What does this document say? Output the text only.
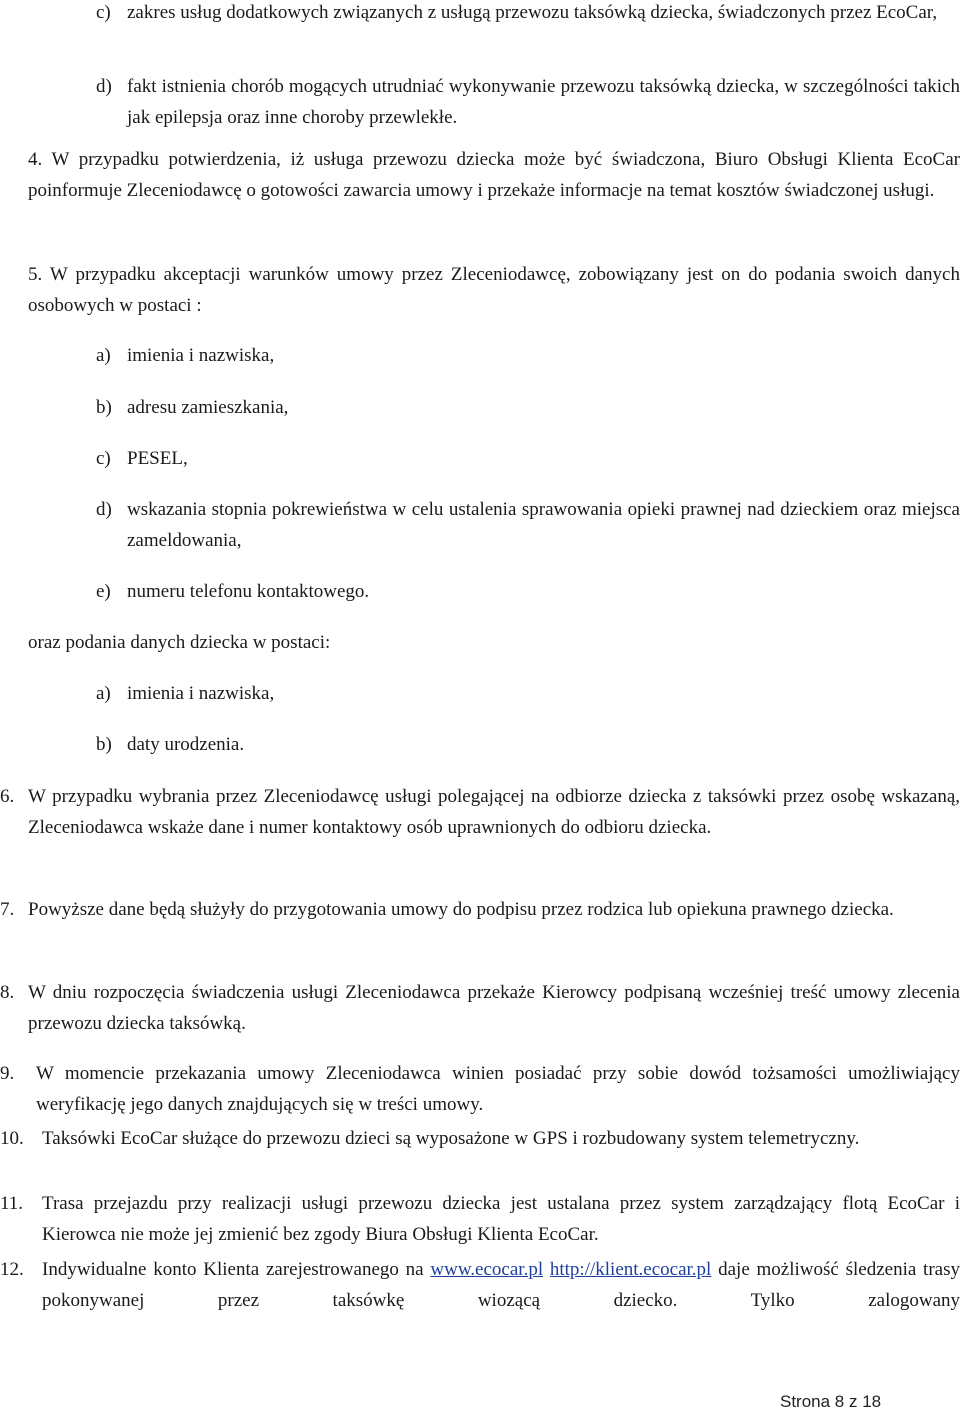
c) zakres usług dodatkowych związanych z usługą przewozu taksówką dziecka, świadczonych przez EcoCar,
d) fakt istnienia chorób mogących utrudniać wykonywanie przewozu taksówką dziecka, w szczególności takich jak epilepsja oraz inne choroby przewlekłe.
4. W przypadku potwierdzenia, iż usługa przewozu dziecka może być świadczona, Biuro Obsługi Klienta EcoCar poinformuje Zleceniodawcę o gotowości zawarcia umowy i przekaże informacje na temat kosztów świadczonej usługi.
5. W przypadku akceptacji warunków umowy przez Zleceniodawcę, zobowiązany jest on do podania swoich danych osobowych w postaci :
a) imienia i nazwiska,
b) adresu zamieszkania,
c) PESEL,
d) wskazania stopnia pokrewieństwa w celu ustalenia sprawowania opieki prawnej nad dzieckiem oraz miejsca zameldowania,
e) numeru telefonu kontaktowego.
oraz podania danych dziecka w postaci:
a) imienia i nazwiska,
b) daty urodzenia.
6. W przypadku wybrania przez Zleceniodawcę usługi polegającej na odbiorze dziecka z taksówki przez osobę wskazaną, Zleceniodawca wskaże dane i numer kontaktowy osób uprawnionych do odbioru dziecka.
7. Powyższe dane będą służyły do przygotowania umowy do podpisu przez rodzica lub opiekuna prawnego dziecka.
8. W dniu rozpoczęcia świadczenia usługi Zleceniodawca przekaże Kierowcy podpisaną wcześniej treść umowy zlecenia przewozu dziecka taksówką.
9. W momencie przekazania umowy Zleceniodawca winien posiadać przy sobie dowód tożsamości umożliwiający weryfikację jego danych znajdujących się w treści umowy.
10. Taksówki EcoCar służące do przewozu dzieci są wyposażone w GPS i rozbudowany system telemetryczny.
11. Trasa przejazdu przy realizacji usługi przewozu dziecka jest ustalana przez system zarządzający flotą EcoCar i Kierowca nie może jej zmienić bez zgody Biura Obsługi Klienta EcoCar.
12. Indywidualne konto Klienta zarejestrowanego na www.ecocar.pl http://klient.ecocar.pl daje możliwość śledzenia trasy pokonywanej przez taksówkę wiozącą dziecko. Tylko zalogowany
Strona 8 z 18
